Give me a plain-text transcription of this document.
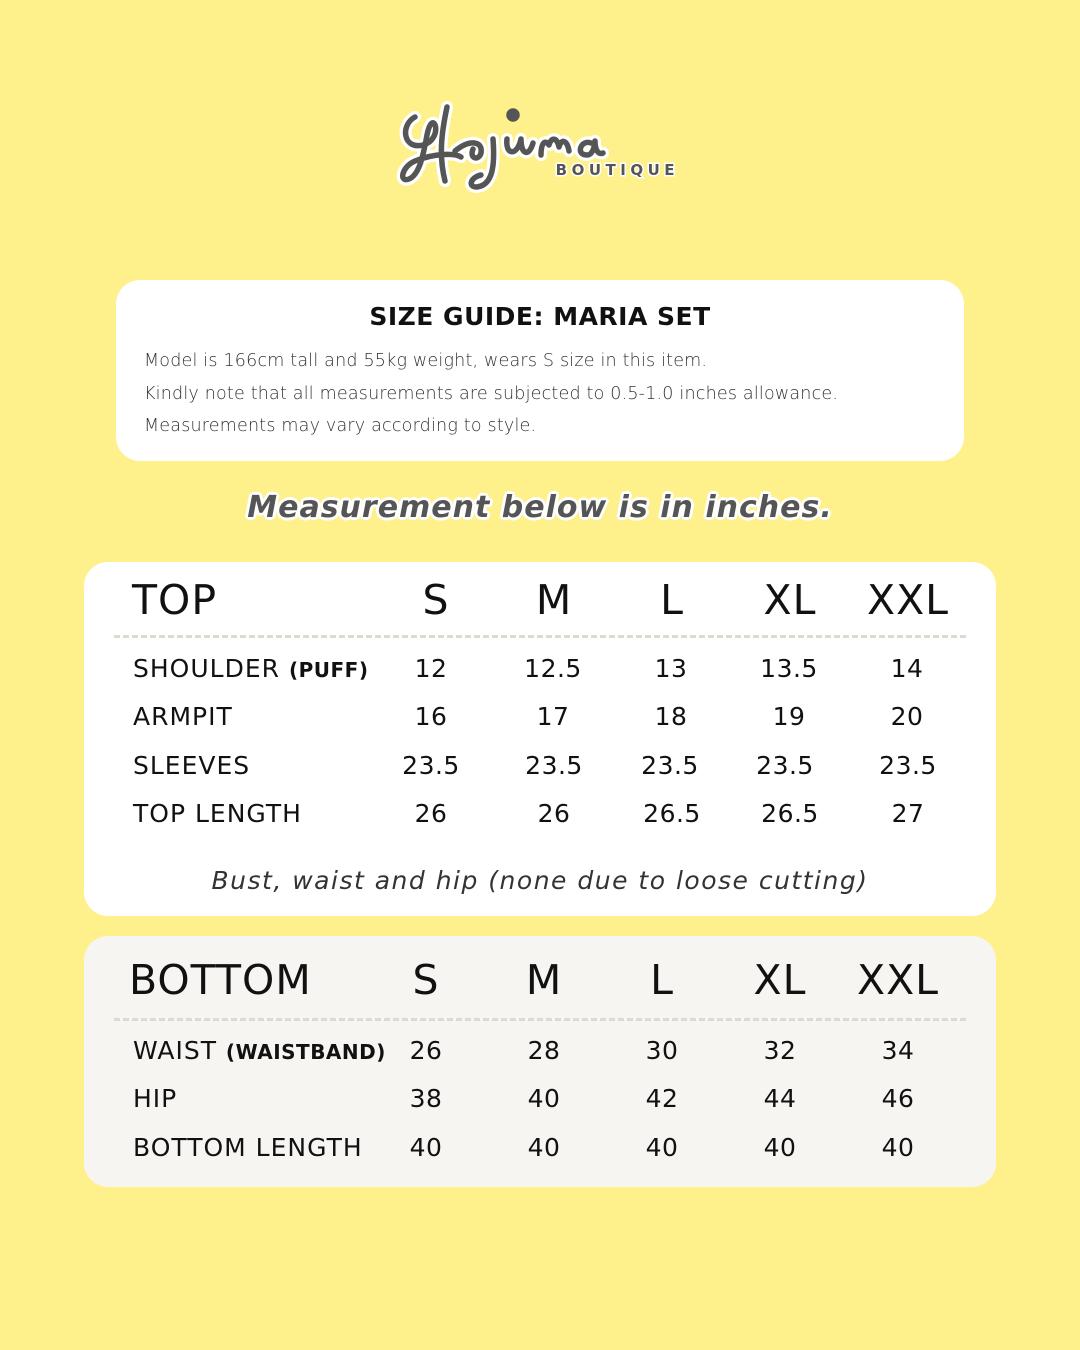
BOUTIQUE
SIZE GUIDE: MARIA SET
Model is 166cm tall and 55kg weight, wears S size in this item.
Kindly note that all measurements are subjected to 0.5-1.0 inches allowance.
Measurements may vary according to style.
Measurement below is in inches.
TOP	S M L XL XXL
SHOULDER (PUFF) 12	12.5	13	13.5	14
ARMPIT	16	17	18	19	20
SLEEVES	23.5	23.5 23.5 23.5	23.5
TOP LENGTH	26	26	26.5 26.5	27
Bust, waist and hip (none due to loose cutting)
BOTTOM S M L XL XXL
WAIST (WAISTBAND) 26	28	30	32	34
HIP	38	40	42	44	46
BOTTOM LENGTH 40	40	40	40	40
